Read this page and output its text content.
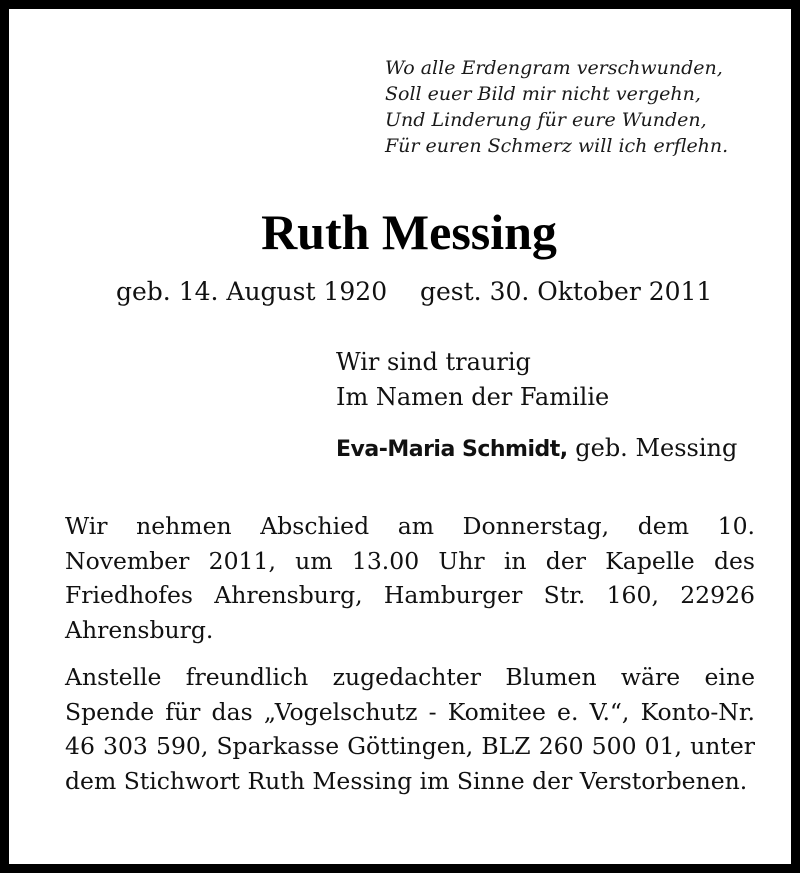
Wo alle Erdengram verschwunden,
Soll euer Bild mir nicht vergehn,
Und Linderung für eure Wunden,
Für euren Schmerz will ich erflehn.
Ruth Messing
geb. 14. August 1920 gest. 30. Oktober 2011
Wir sind traurig
Im Namen der Familie
Eva-Maria Schmidt, geb. Messing
Wir nehmen Abschied am Donnerstag, dem 10. November 2011, um 13.00 Uhr in der Kapelle des Friedhofes Ahrensburg, Hamburger Str. 160, 22926 Ahrensburg.
Anstelle freundlich zugedachter Blumen wäre eine Spende für das „Vogelschutz - Komitee e. V.“, Konto-Nr. 46 303 590, Sparkasse Göttingen, BLZ 260 500 01, unter dem Stichwort Ruth Messing im Sinne der Verstorbenen.
